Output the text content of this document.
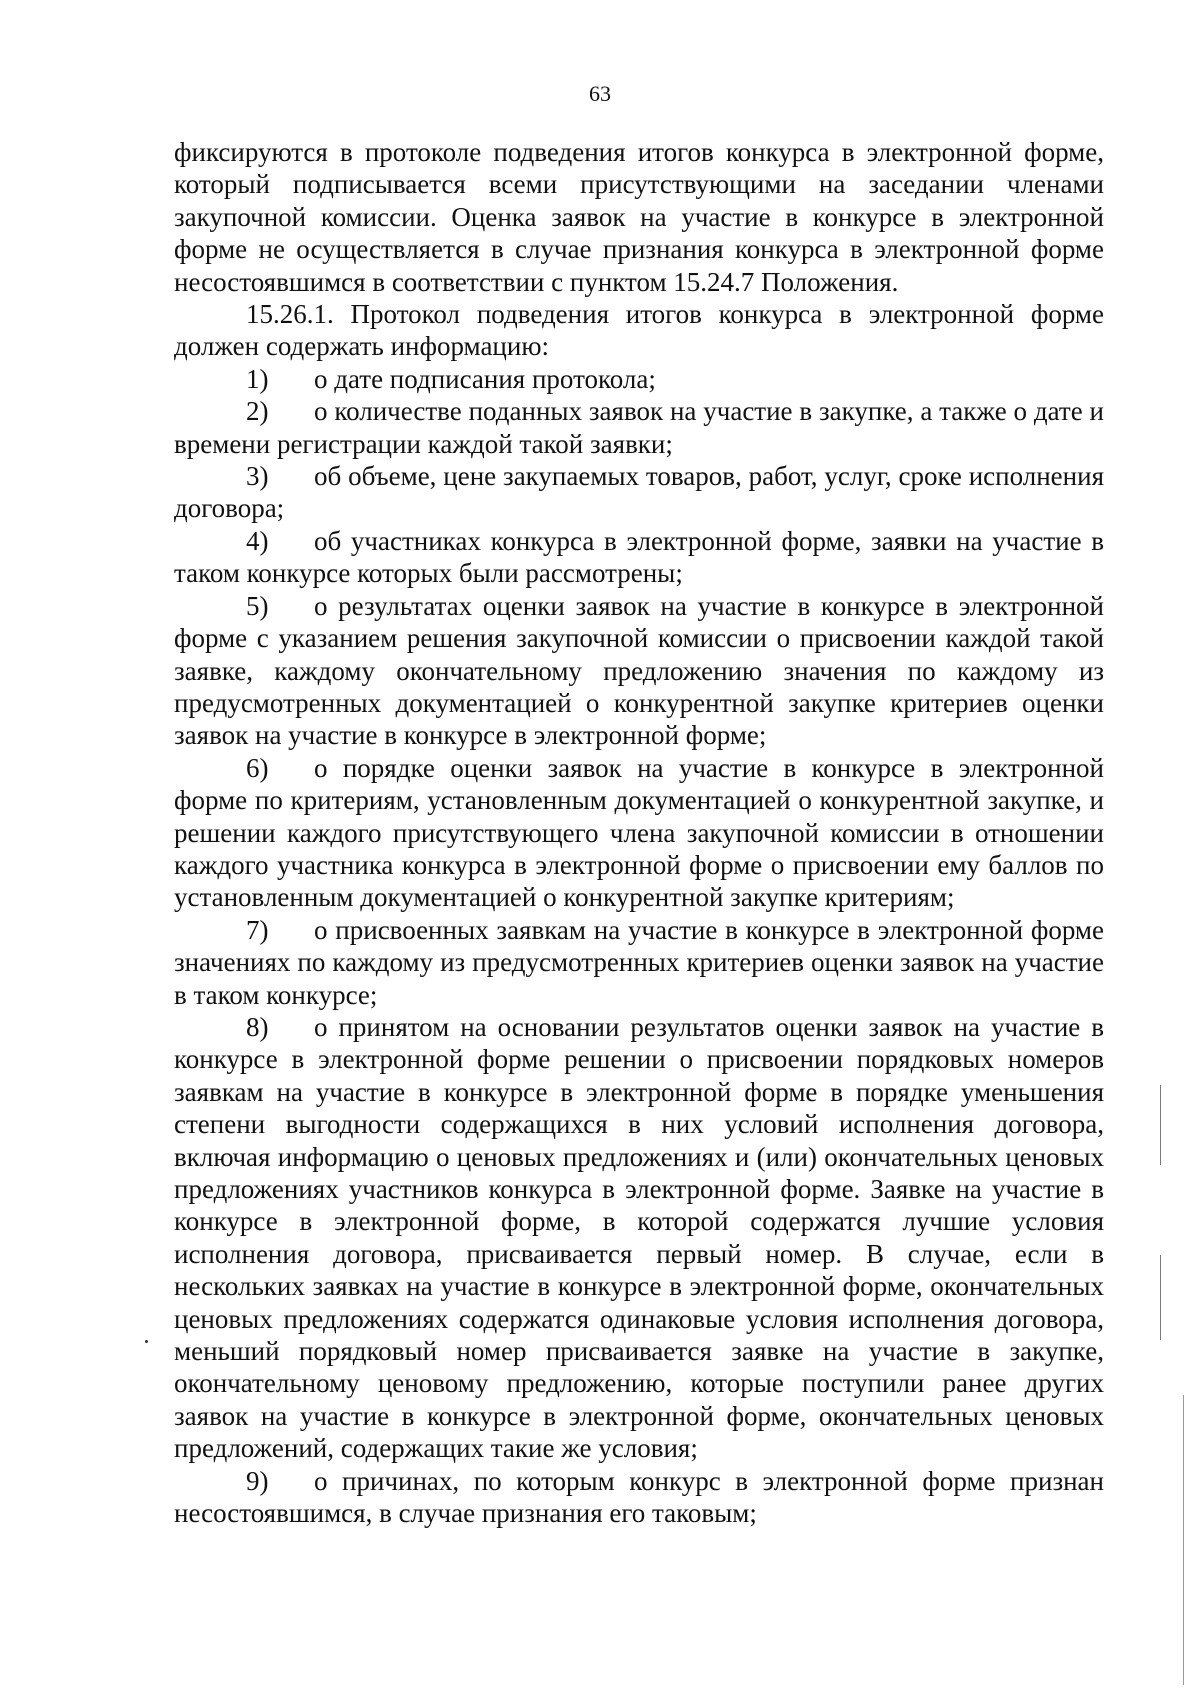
63

фиксируются в протоколе подведения итогов конкурса в электронной форме, который подписывается всеми присутствующими на заседании членами закупочной комиссии. Оценка заявок на участие в конкурсе в электронной форме не осуществляется в случае признания конкурса в электронной форме несостоявшимся в соответствии с пунктом 15.24.7 Положения.

15.26.1. Протокол подведения итогов конкурса в электронной форме должен содержать информацию:

1) о дате подписания протокола;

2) о количестве поданных заявок на участие в закупке, а также о дате и времени регистрации каждой такой заявки;

3) об объеме, цене закупаемых товаров, работ, услуг, сроке исполнения договора;

4) об участниках конкурса в электронной форме, заявки на участие в таком конкурсе которых были рассмотрены;

5) о результатах оценки заявок на участие в конкурсе в электронной форме с указанием решения закупочной комиссии о присвоении каждой такой заявке, каждому окончательному предложению значения по каждому из предусмотренных документацией о конкурентной закупке критериев оценки заявок на участие в конкурсе в электронной форме;

6) о порядке оценки заявок на участие в конкурсе в электронной форме по критериям, установленным документацией о конкурентной закупке, и решении каждого присутствующего члена закупочной комиссии в отношении каждого участника конкурса в электронной форме о присвоении ему баллов по установленным документацией о конкурентной закупке критериям;

7) о присвоенных заявкам на участие в конкурсе в электронной форме значениях по каждому из предусмотренных критериев оценки заявок на участие в таком конкурсе;

8) о принятом на основании результатов оценки заявок на участие в конкурсе в электронной форме решении о присвоении порядковых номеров заявкам на участие в конкурсе в электронной форме в порядке уменьшения степени выгодности содержащихся в них условий исполнения договора, включая информацию о ценовых предложениях и (или) окончательных ценовых предложениях участников конкурса в электронной форме. Заявке на участие в конкурсе в электронной форме, в которой содержатся лучшие условия исполнения договора, присваивается первый номер. В случае, если в нескольких заявках на участие в конкурсе в электронной форме, окончательных ценовых предложениях содержатся одинаковые условия исполнения договора, меньший порядковый номер присваивается заявке на участие в закупке, окончательному ценовому предложению, которые поступили ранее других заявок на участие в конкурсе в электронной форме, окончательных ценовых предложений, содержащих такие же условия;

9) о причинах, по которым конкурс в электронной форме признан несостоявшимся, в случае признания его таковым;
